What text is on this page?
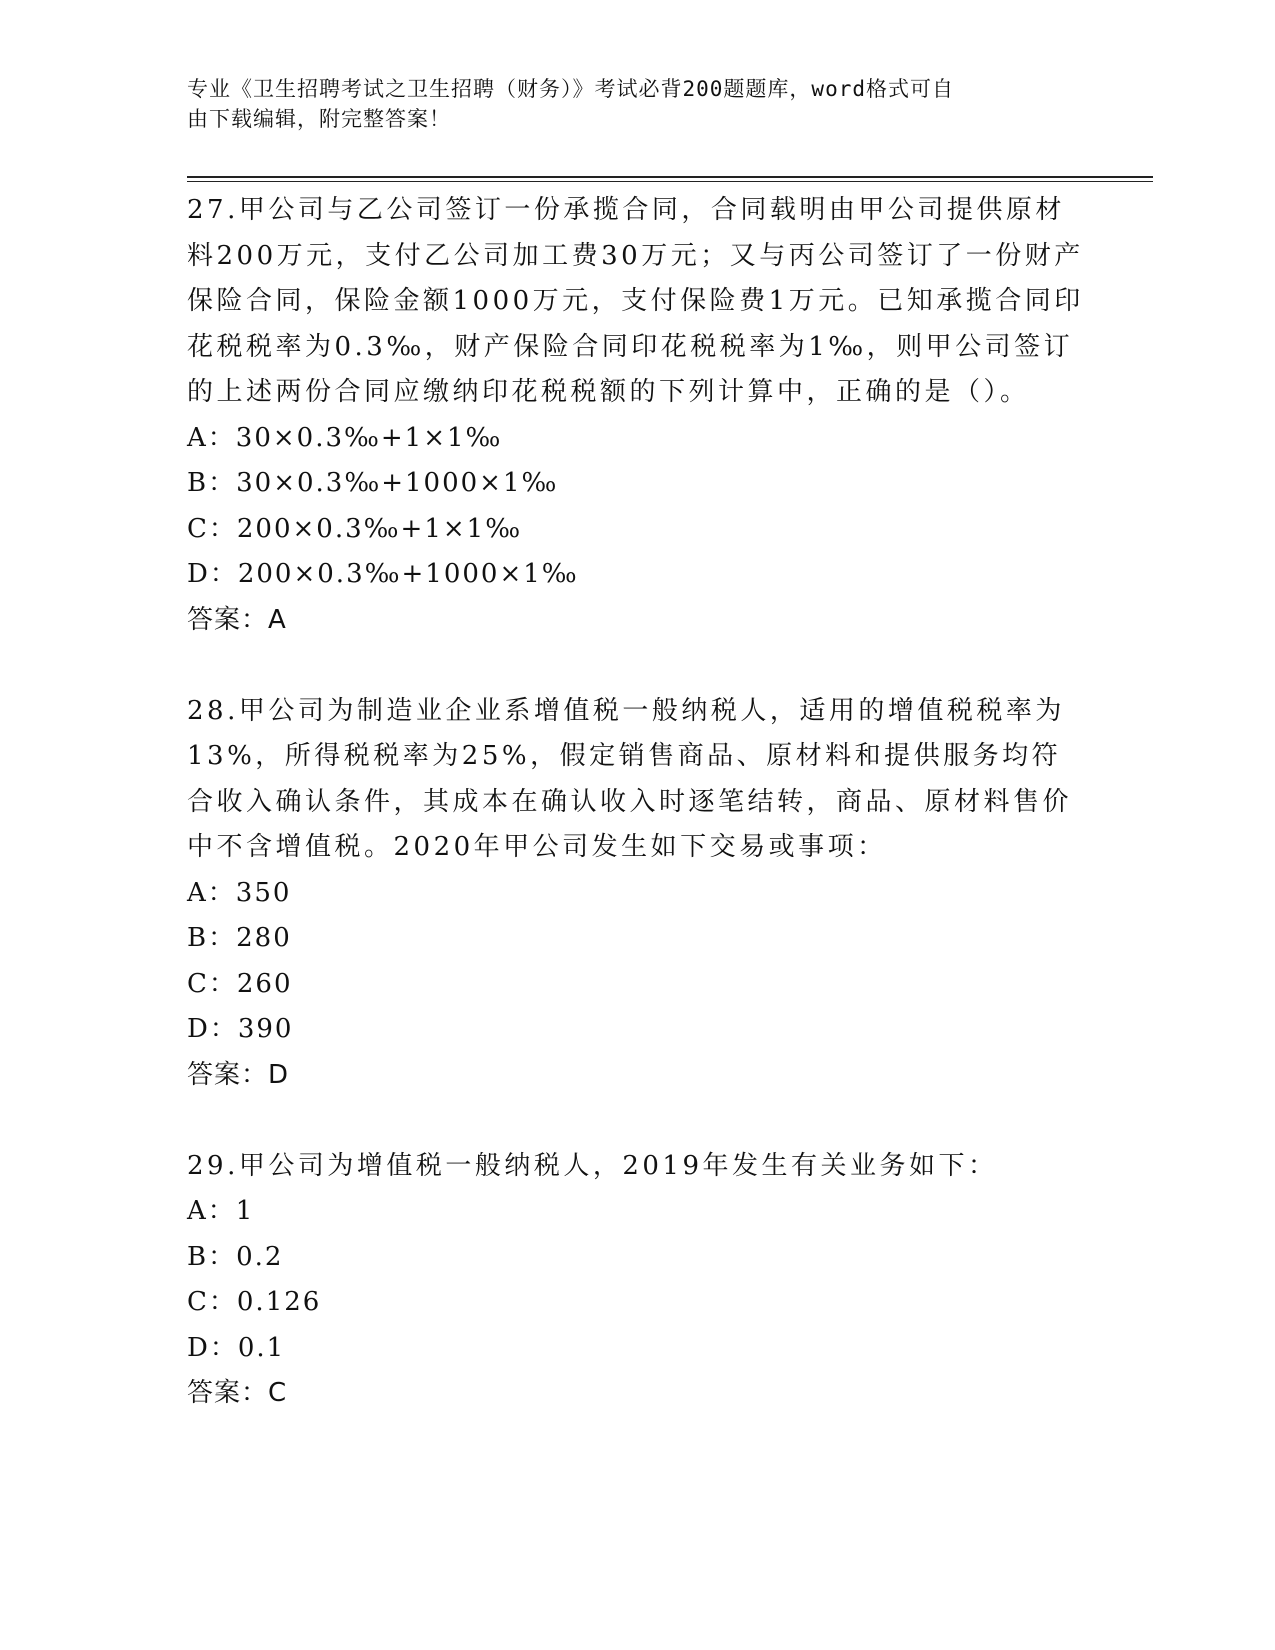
专业《卫生招聘考试之卫生招聘（财务）》考试必背200题题库，word格式可自
由下载编辑，附完整答案！

27.甲公司与乙公司签订一份承揽合同，合同载明由甲公司提供原材料200万元，支付乙公司加工费30万元；又与丙公司签订了一份财产保险合同，保险金额1000万元，支付保险费1万元。已知承揽合同印花税税率为0.3‰，财产保险合同印花税税率为1‰，则甲公司签订的上述两份合同应缴纳印花税税额的下列计算中，正确的是（）。

A：30×0.3‰+1×1‰

B：30×0.3‰+1000×1‰

C：200×0.3‰+1×1‰

D：200×0.3‰+1000×1‰

答案：A

28.甲公司为制造业企业系增值税一般纳税人，适用的增值税税率为13%，所得税税率为25%，假定销售商品、原材料和提供服务均符合收入确认条件，其成本在确认收入时逐笔结转，商品、原材料售价中不含增值税。2020年甲公司发生如下交易或事项：

A：350

B：280

C：260

D：390

答案：D

29.甲公司为增值税一般纳税人，2019年发生有关业务如下：

A：1

B：0.2

C：0.126

D：0.1

答案：C
